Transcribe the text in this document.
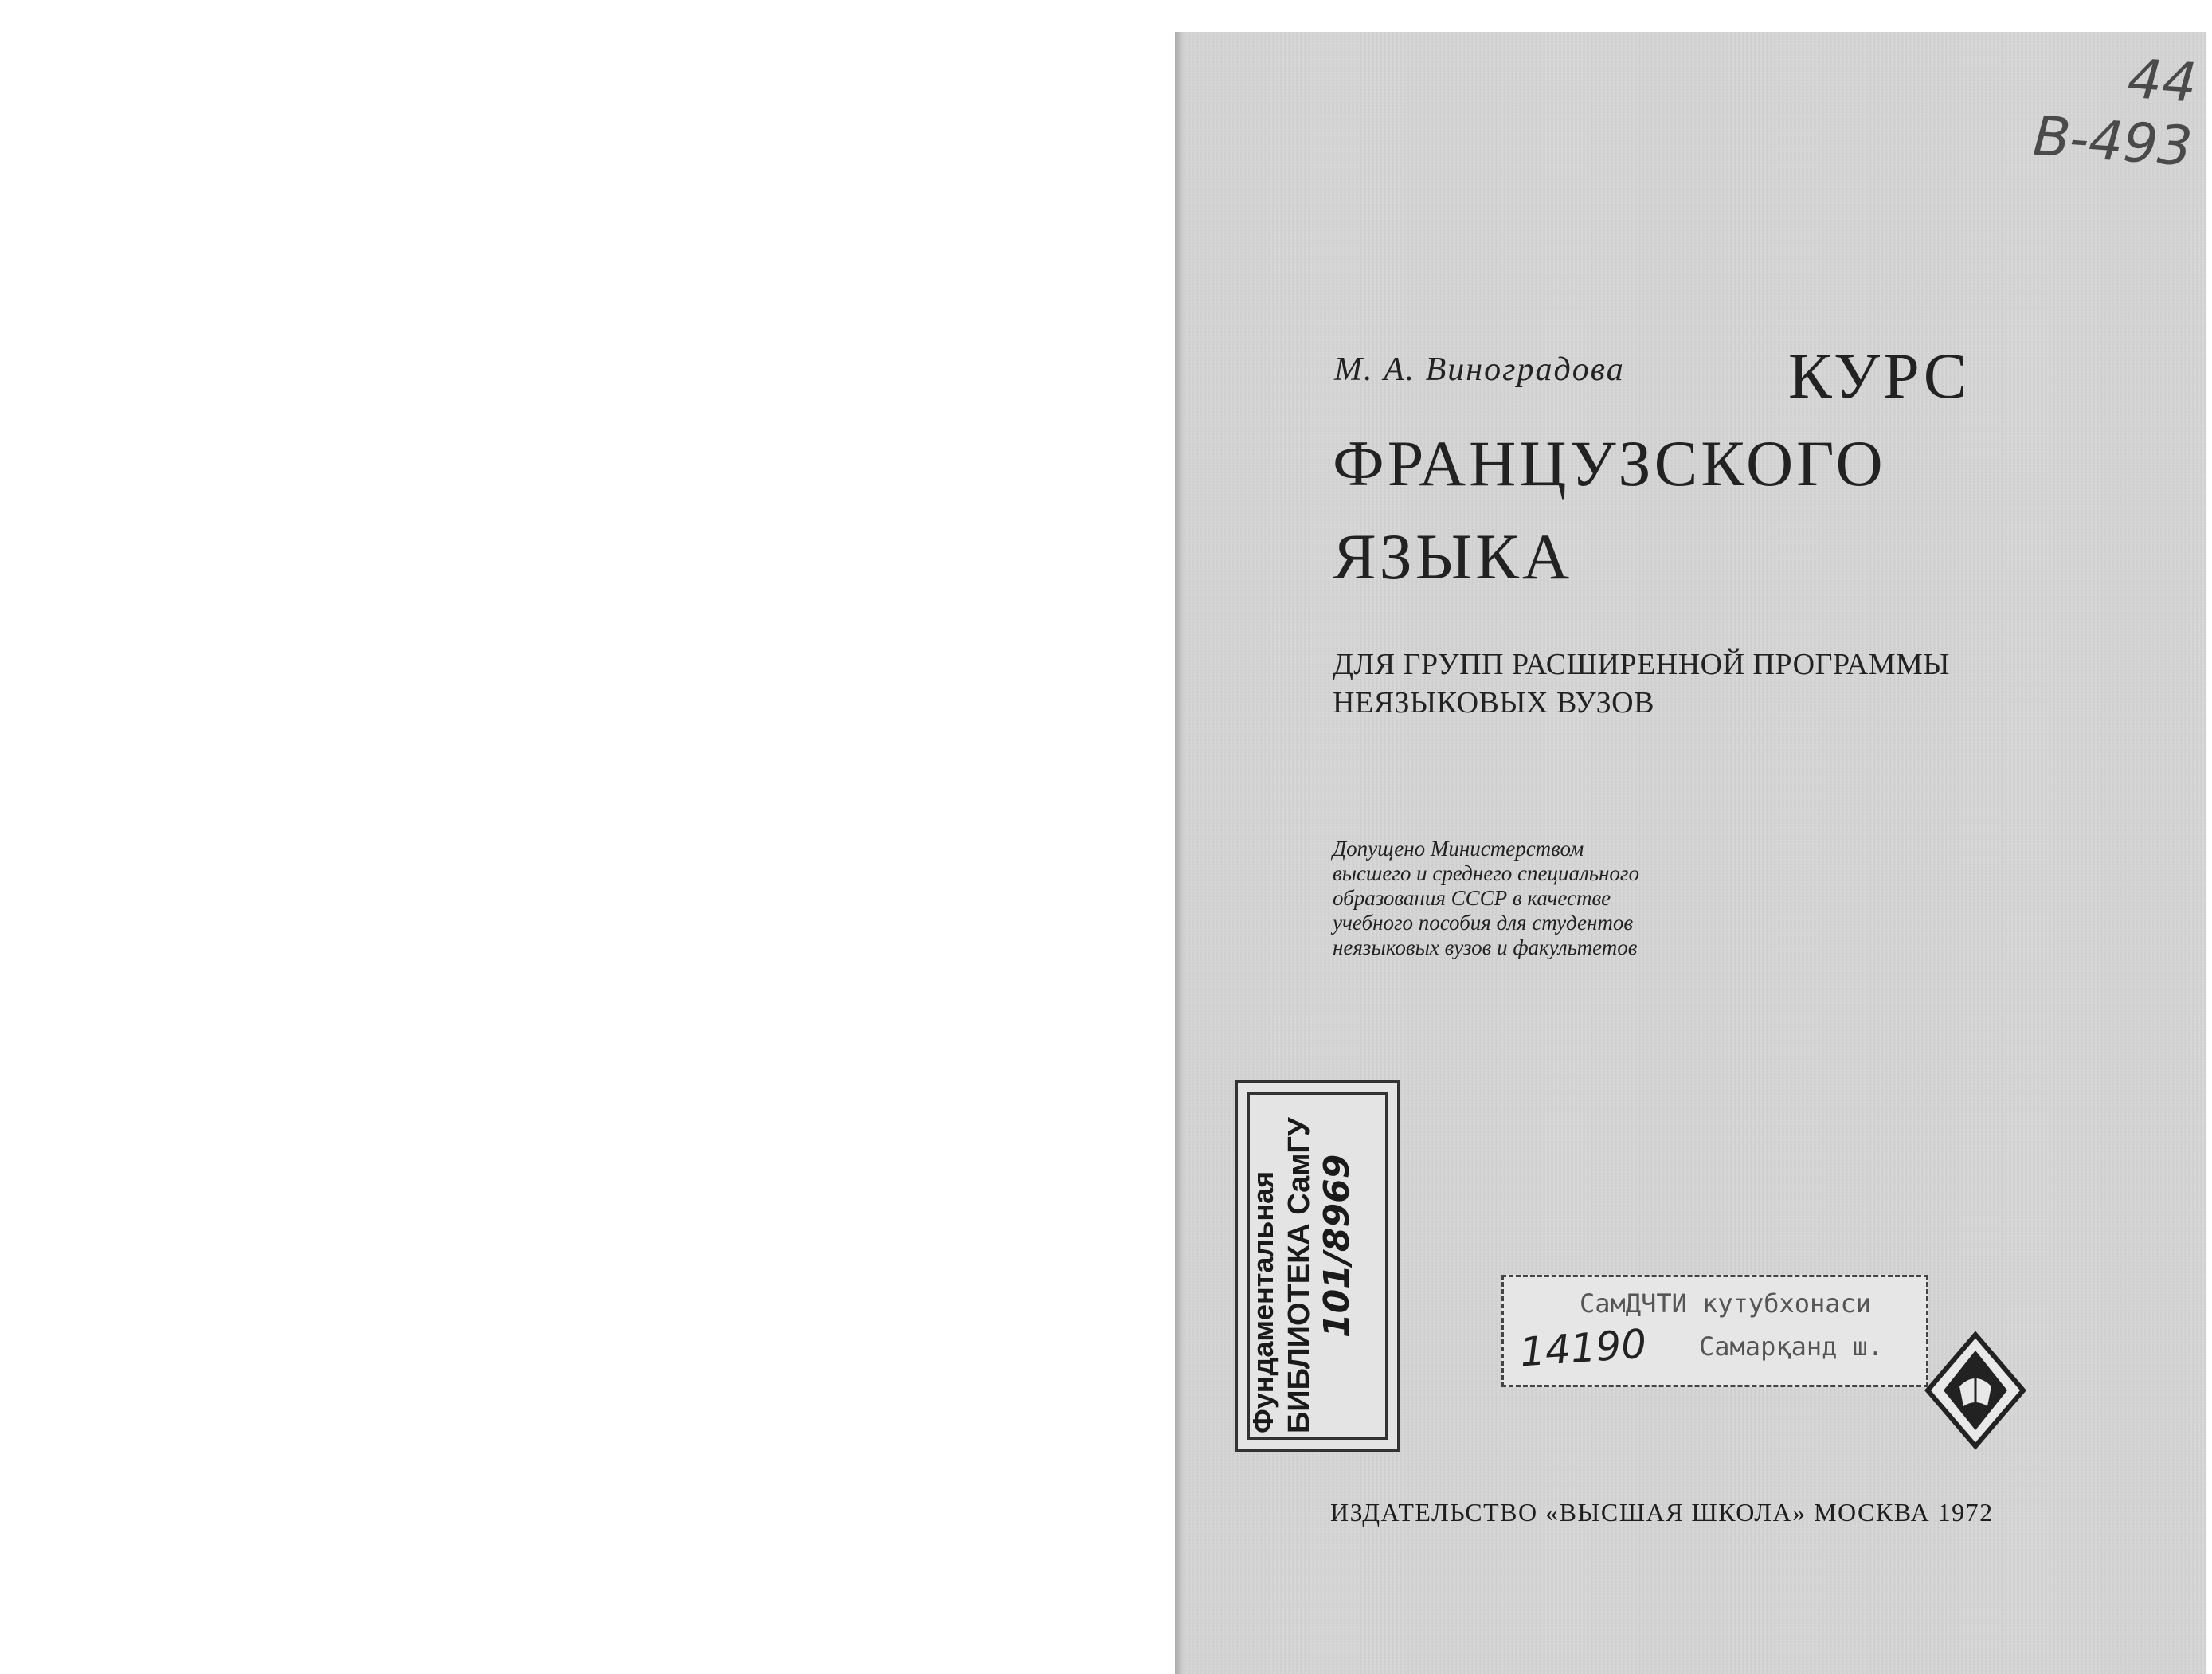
44
B-493
М. А. Виноградова	КУРС
ФРАНЦУЗСКОГО
ЯЗЫКА
ДЛЯ ГРУПП РАСШИРЕННОЙ ПРОГРАММЫ
НЕЯЗЫКОВЫХ ВУЗОВ
Допущено Министерством
высшего и среднего специального
образования СССР в качестве
учебного пособия для студентов
неязыковых вузов и факультетов
Фундаментальная БИБЛИОТЕКА СамГУ 101/8969	СамДЧТИ кутубхонаси
Самарқанд ш.
14190
ИЗДАТЕЛЬСТВО «ВЫСШАЯ ШКОЛА» МОСКВА 1972
